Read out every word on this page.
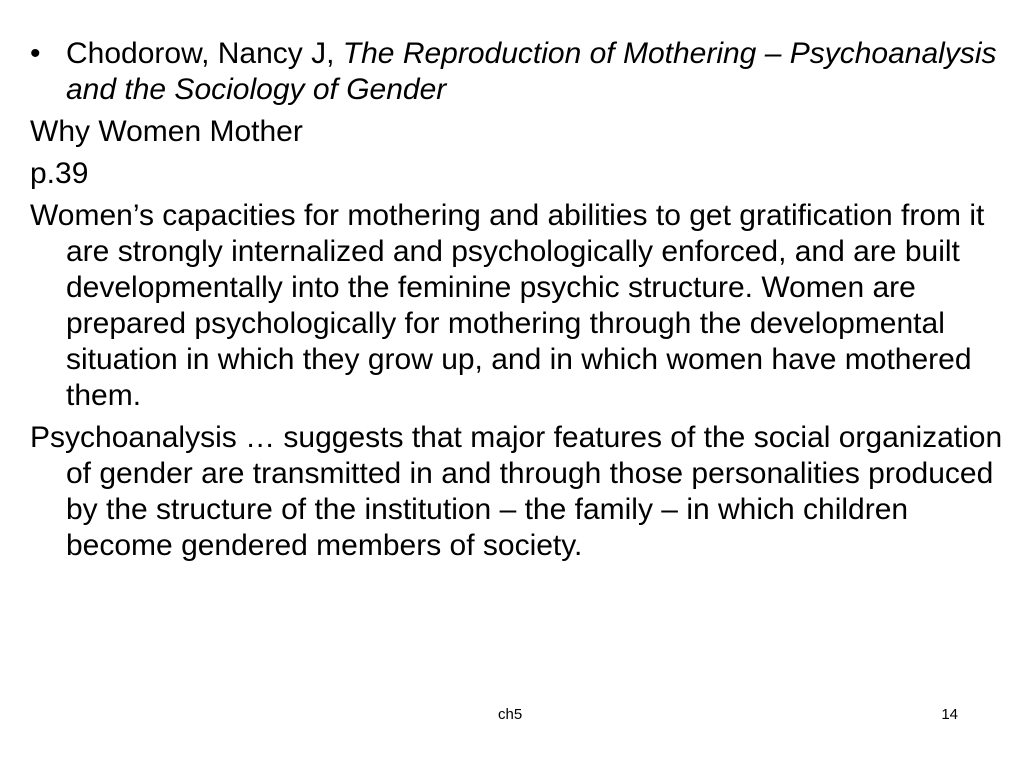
• Chodorow, Nancy J, The Reproduction of Mothering – Psychoanalysis and the Sociology of Gender

Why Women Mother

p.39

Women’s capacities for mothering and abilities to get gratification from it are strongly internalized and psychologically enforced, and are built developmentally into the feminine psychic structure. Women are prepared psychologically for mothering through the developmental situation in which they grow up, and in which women have mothered them.

Psychoanalysis … suggests that major features of the social organization of gender are transmitted in and through those personalities produced by the structure of the institution – the family – in which children become gendered members of society.

ch5	14
